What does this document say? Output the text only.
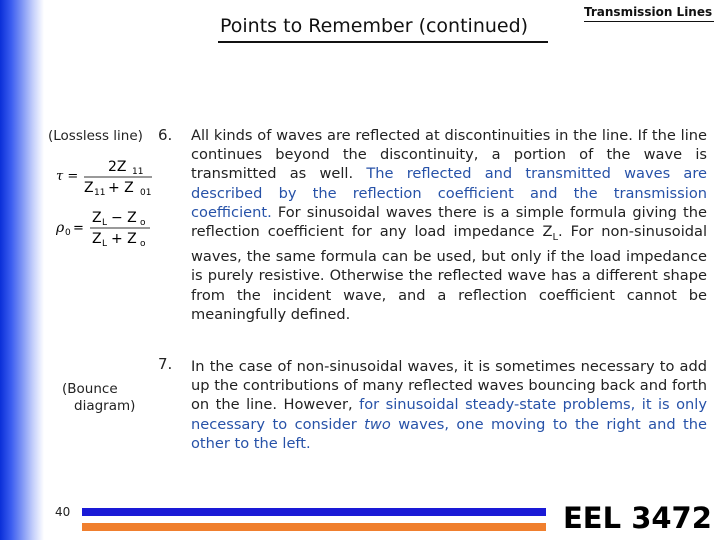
Points to Remember (continued)
Transmission Lines
(Lossless line) 6. All kinds of waves are reflected at discontinuities in the line. If the line continues beyond the discontinuity, a portion of the wave is transmitted as well. The reflected and transmitted waves are described by the reflection coefficient and the transmission coefficient. For sinusoidal waves there is a simple formula giving the reflection coefficient for any load impedance $Z_L$. For non-sinusoidal waves, the same formula can be used, but only if the load impedance is purely resistive. Otherwise the reflected wave has a different shape from the incident wave, and a reflection coefficient cannot be meaningfully defined.
τ =
2Z 11
Z 11 + Z 01
ρ 0 =
Z L − Z o
Z L + Z o
7.
(Bounce
diagram)
In the case of non-sinusoidal waves, it is sometimes necessary to add up the contributions of many reflected waves bouncing back and forth on the line. However, for sinusoidal steady-state problems, it is only necessary to consider two waves, one moving to the right and the other to the left.
40	EEL 3472
